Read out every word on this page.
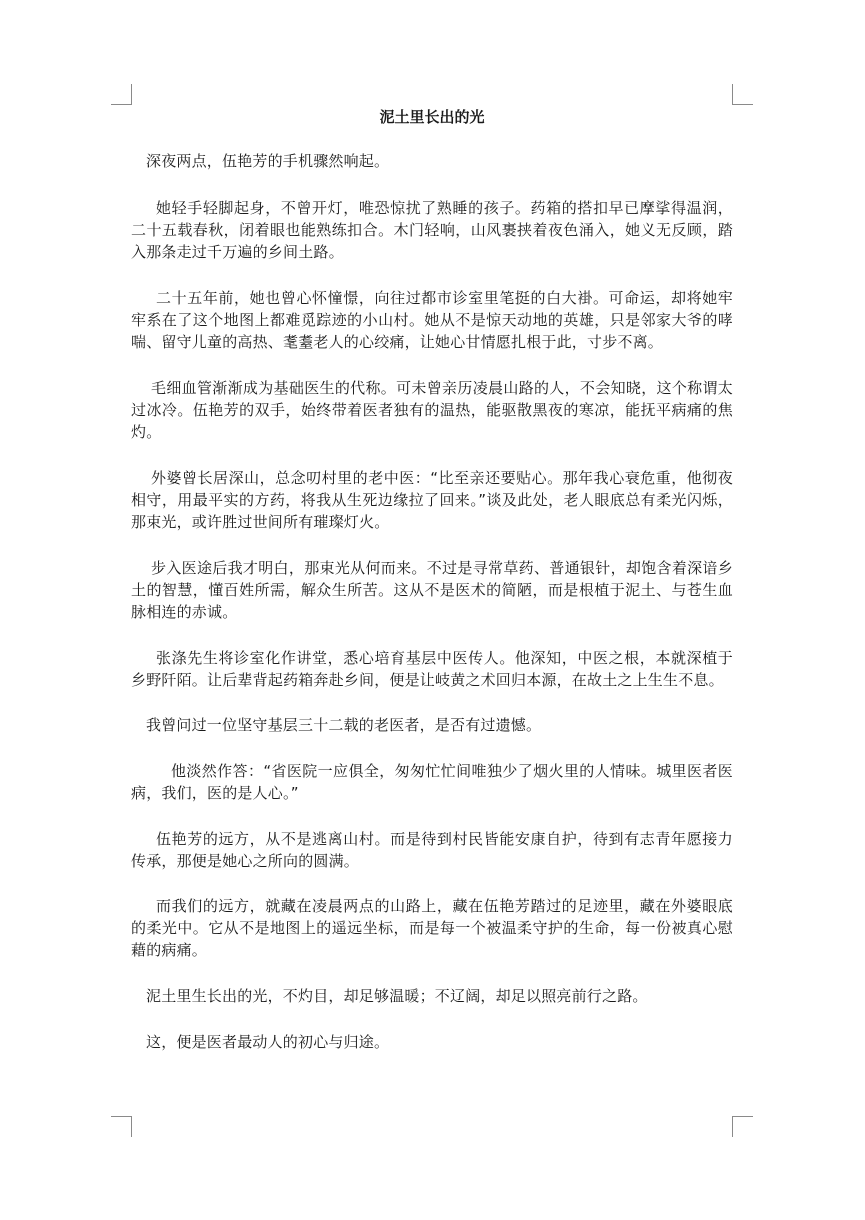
泥土里长出的光

深夜两点，伍艳芳的手机骤然响起。

她轻手轻脚起身，不曾开灯，唯恐惊扰了熟睡的孩子。药箱的搭扣早已摩挲得温润，二十五载春秋，闭着眼也能熟练扣合。木门轻响，山风裹挟着夜色涌入，她义无反顾，踏入那条走过千万遍的乡间土路。

二十五年前，她也曾心怀憧憬，向往过都市诊室里笔挺的白大褂。可命运，却将她牢牢系在了这个地图上都难觅踪迹的小山村。她从不是惊天动地的英雄，只是邻家大爷的哮喘、留守儿童的高热、耄耋老人的心绞痛，让她心甘情愿扎根于此，寸步不离。

毛细血管渐渐成为基础医生的代称。可未曾亲历凌晨山路的人，不会知晓，这个称谓太过冰冷。伍艳芳的双手，始终带着医者独有的温热，能驱散黑夜的寒凉，能抚平病痛的焦灼。

外婆曾长居深山，总念叨村里的老中医：“比至亲还要贴心。那年我心衰危重，他彻夜相守，用最平实的方药，将我从生死边缘拉了回来。”谈及此处，老人眼底总有柔光闪烁，那束光，或许胜过世间所有璀璨灯火。

步入医途后我才明白，那束光从何而来。不过是寻常草药、普通银针，却饱含着深谙乡土的智慧，懂百姓所需，解众生所苦。这从不是医术的简陋，而是根植于泥土、与苍生血脉相连的赤诚。

张涤先生将诊室化作讲堂，悉心培育基层中医传人。他深知，中医之根，本就深植于乡野阡陌。让后辈背起药箱奔赴乡间，便是让岐黄之术回归本源，在故土之上生生不息。

我曾问过一位坚守基层三十二载的老医者，是否有过遗憾。

他淡然作答：“省医院一应俱全，匆匆忙忙间唯独少了烟火里的人情味。城里医者医病，我们，医的是人心。”

伍艳芳的远方，从不是逃离山村。而是待到村民皆能安康自护，待到有志青年愿接力传承，那便是她心之所向的圆满。

而我们的远方，就藏在凌晨两点的山路上，藏在伍艳芳踏过的足迹里，藏在外婆眼底的柔光中。它从不是地图上的遥远坐标，而是每一个被温柔守护的生命，每一份被真心慰藉的病痛。

泥土里生长出的光，不灼目，却足够温暖；不辽阔，却足以照亮前行之路。

这，便是医者最动人的初心与归途。
